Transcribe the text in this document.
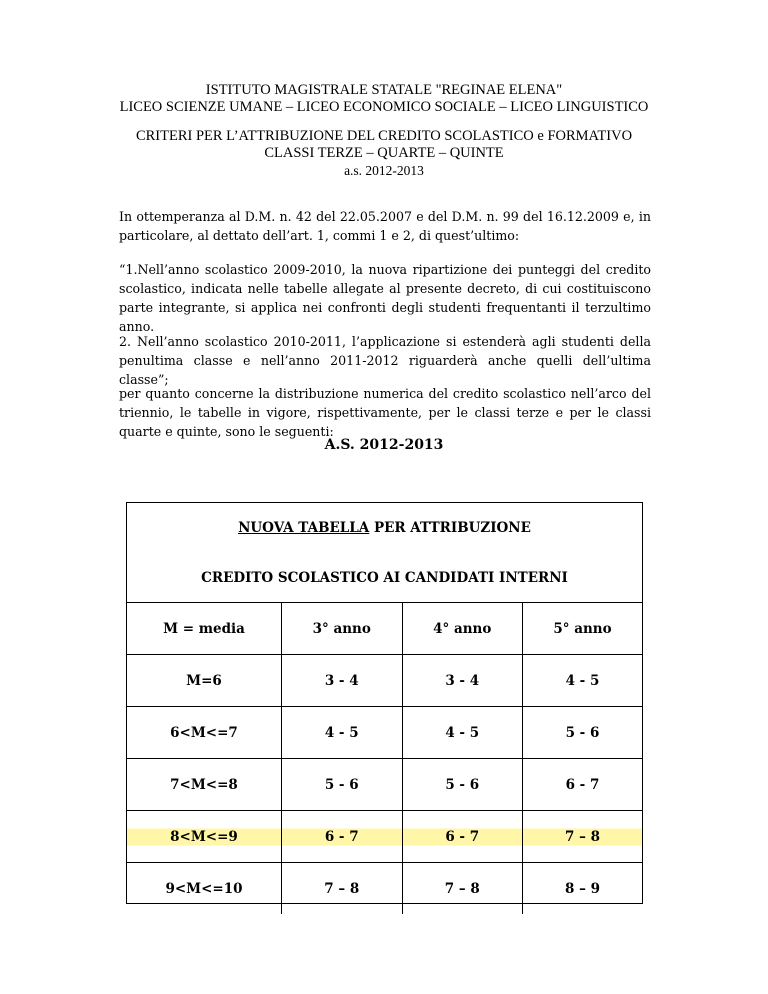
ISTITUTO MAGISTRALE STATALE "REGINAE ELENA"
LICEO SCIENZE UMANE – LICEO ECONOMICO SOCIALE – LICEO LINGUISTICO
CRITERI PER L’ATTRIBUZIONE DEL CREDITO SCOLASTICO e FORMATIVO
CLASSI TERZE – QUARTE – QUINTE
a.s. 2012-2013
In ottemperanza al D.M. n. 42 del 22.05.2007 e del D.M. n. 99 del 16.12.2009 e, in particolare, al dettato dell’art. 1, commi 1 e 2, di quest’ultimo:
“1.Nell’anno scolastico 2009-2010, la nuova ripartizione dei punteggi del credito scolastico, indicata nelle tabelle allegate al presente decreto, di cui costituiscono parte integrante, si applica nei confronti degli studenti frequentanti il terzultimo anno.
2. Nell’anno scolastico 2010-2011, l’applicazione si estenderà agli studenti della penultima classe e nell’anno 2011-2012 riguarderà anche quelli dell’ultima classe”;
per quanto concerne la distribuzione numerica del credito scolastico nell’arco del triennio, le tabelle in vigore, rispettivamente, per le classi terze e per le classi quarte e quinte, sono le seguenti:
A.S. 2012-2013
NUOVA TABELLA PER ATTRIBUZIONE
CREDITO SCOLASTICO AI CANDIDATI INTERNI
M = media	3° anno	4° anno	5° anno
M=6	3 - 4	3 - 4	4 - 5
6<M<=7	4 - 5	4 - 5	5 - 6
7<M<=8	5 - 6	5 - 6	6 - 7
8<M<=9	6 - 7	6 - 7	7 – 8
9<M<=10	7 – 8	7 – 8	8 – 9
